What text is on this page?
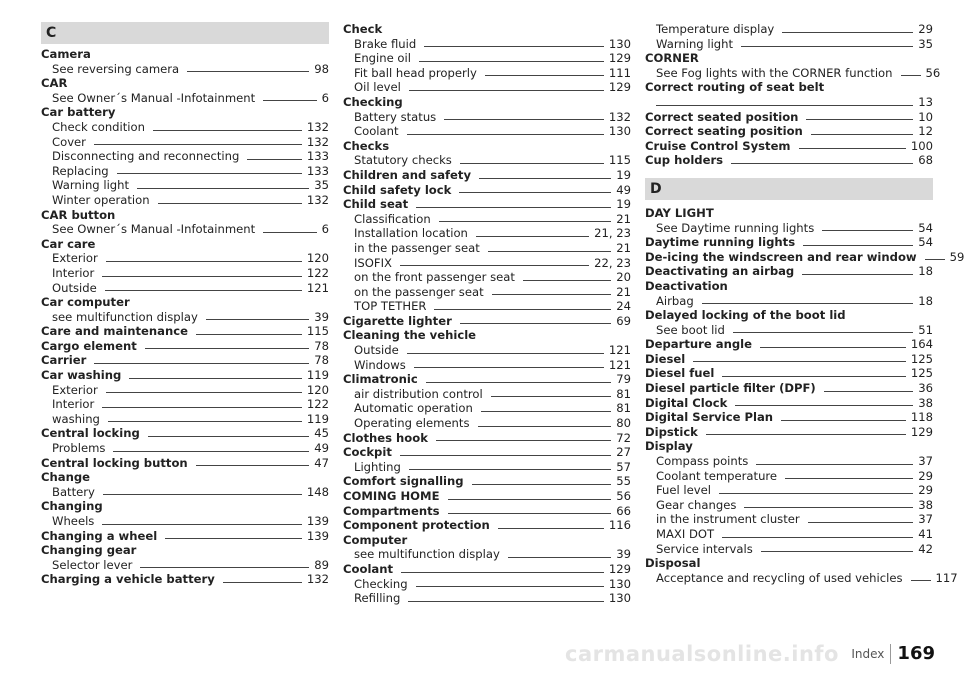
C
Camera
See reversing camera	98
CAR
See Owner´s Manual -Infotainment	6
Car battery
Check condition	132
Cover	132
Disconnecting and reconnecting	133
Replacing	133
Warning light	35
Winter operation	132
CAR button
See Owner´s Manual -Infotainment	6
Car care
Exterior	120
Interior	122
Outside	121
Car computer
see multifunction display	39
Care and maintenance	115
Cargo element	78
Carrier	78
Car washing	119
Exterior	120
Interior	122
washing	119
Central locking	45
Problems	49
Central locking button	47
Change
Battery	148
Changing
Wheels	139
Changing a wheel	139
Changing gear
Selector lever	89
Charging a vehicle battery	132
Check
Brake fluid	130
Engine oil	129
Fit ball head properly	111
Oil level	129
Checking
Battery status	132
Coolant	130
Checks
Statutory checks	115
Children and safety	19
Child safety lock	49
Child seat	19
Classification	21
Installation location	21, 23
in the passenger seat	21
ISOFIX	22, 23
on the front passenger seat	20
on the passenger seat	21
TOP TETHER	24
Cigarette lighter	69
Cleaning the vehicle
Outside	121
Windows	121
Climatronic	79
air distribution control	81
Automatic operation	81
Operating elements	80
Clothes hook	72
Cockpit	27
Lighting	57
Comfort signalling	55
COMING HOME	56
Compartments	66
Component protection	116
Computer
see multifunction display	39
Coolant	129
Checking	130
Refilling	130
Temperature display	29
Warning light	35
CORNER
See Fog lights with the CORNER function	56
Correct routing of seat belt
13
Correct seated position	10
Correct seating position	12
Cruise Control System	100
Cup holders	68
D
DAY LIGHT
See Daytime running lights	54
Daytime running lights	54
De-icing the windscreen and rear window	59
Deactivating an airbag	18
Deactivation
Airbag	18
Delayed locking of the boot lid
See boot lid	51
Departure angle	164
Diesel	125
Diesel fuel	125
Diesel particle filter (DPF)	36
Digital Clock	38
Digital Service Plan	118
Dipstick	129
Display
Compass points	37
Coolant temperature	29
Fuel level	29
Gear changes	38
in the instrument cluster	37
MAXI DOT	41
Service intervals	42
Disposal
Acceptance and recycling of used vehicles	117
carmanualsonline.info Index 169
